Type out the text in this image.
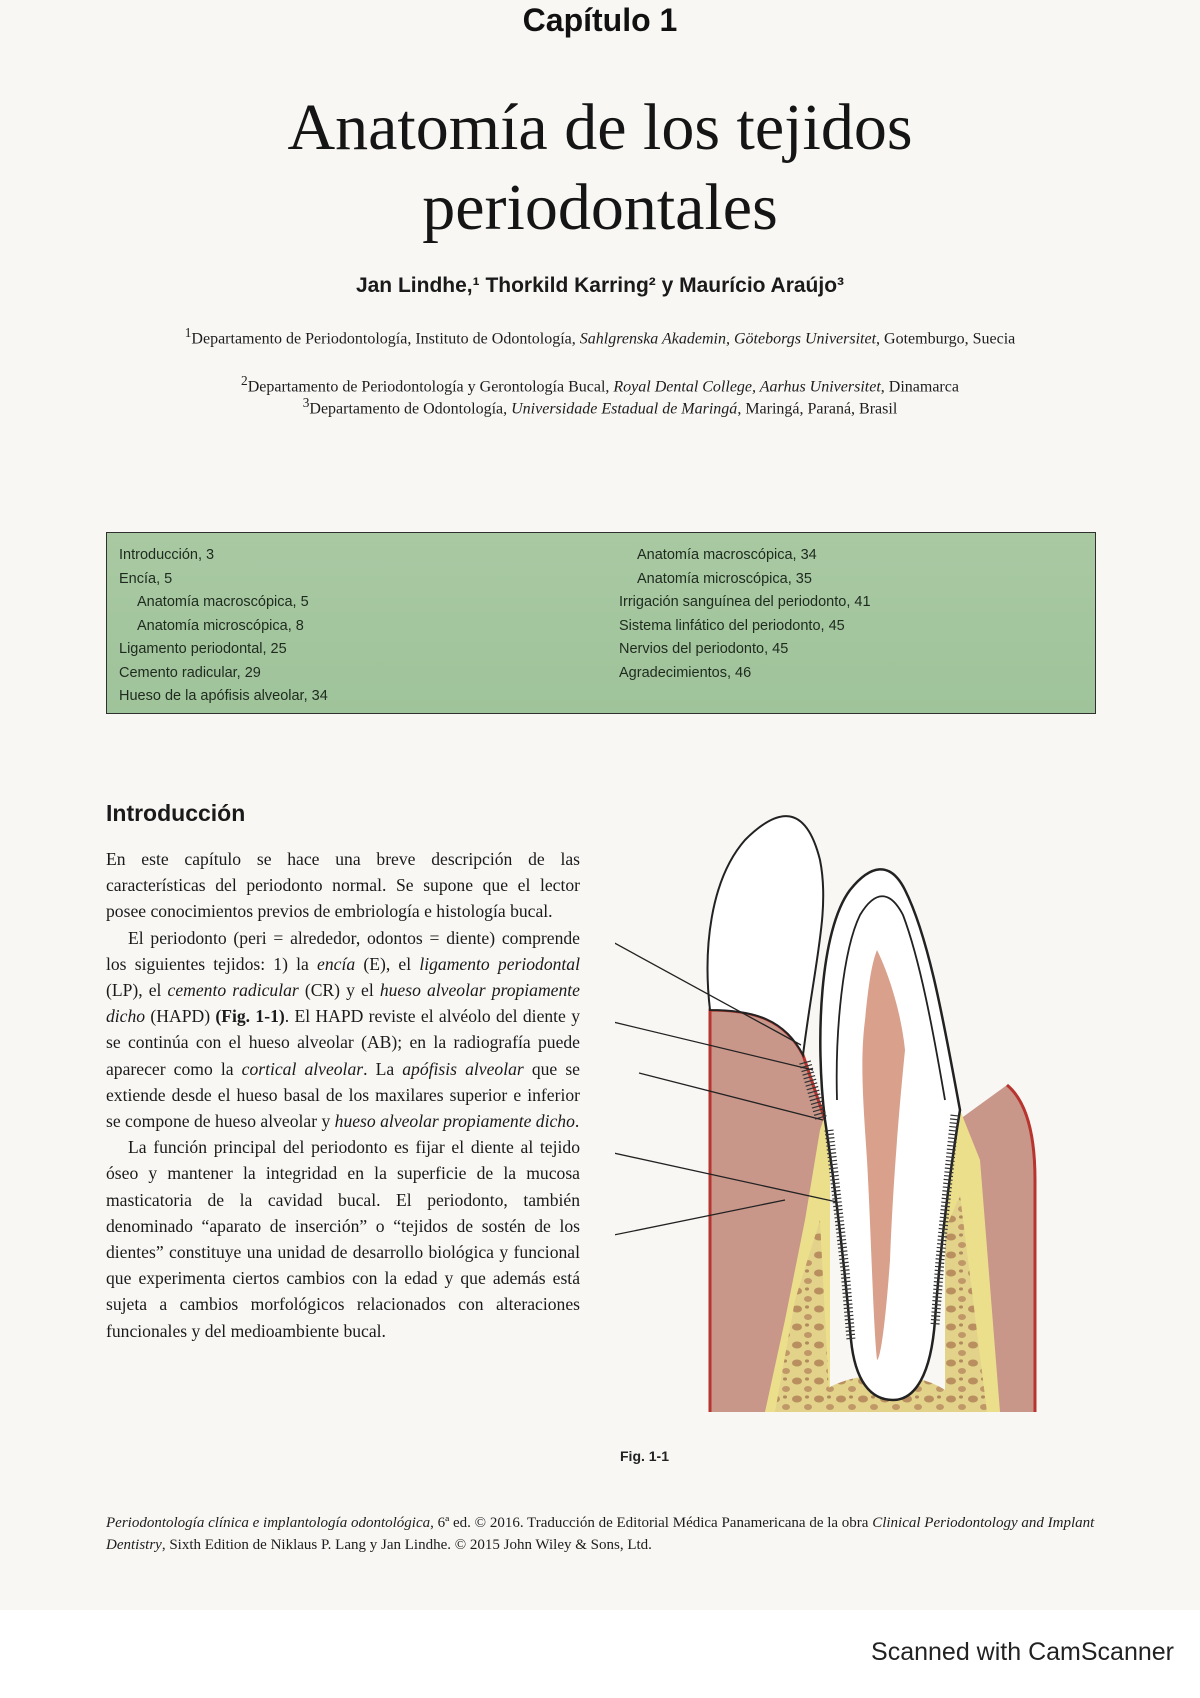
Capítulo 1
Anatomía de los tejidos
periodontales
Jan Lindhe,¹ Thorkild Karring² y Maurício Araújo³
$^1$Departamento de Periodontología, Instituto de Odontología, Sahlgrenska Akademin, Göteborgs Universitet, Gotemburgo, Suecia
$^2$Departamento de Periodontología y Gerontología Bucal, Royal Dental College, Aarhus Universitet, Dinamarca
$^3$Departamento de Odontología, Universidade Estadual de Maringá, Maringá, Paraná, Brasil
Introducción, 3
Encía, 5
Anatomía macroscópica, 5
Anatomía microscópica, 8
Ligamento periodontal, 25
Cemento radicular, 29
Hueso de la apófisis alveolar, 34
Anatomía macroscópica, 34
Anatomía microscópica, 35
Irrigación sanguínea del periodonto, 41
Sistema linfático del periodonto, 45
Nervios del periodonto, 45
Agradecimientos, 46
Introducción

En este capítulo se hace una breve descripción de las características del periodonto normal. Se supone que el lector posee conocimientos previos de embriología e histología bucal.

El periodonto (peri = alrededor, odontos = diente) comprende los siguientes tejidos: 1) la encía (E), el ligamento periodontal (LP), el cemento radicular (CR) y el hueso alveolar propiamente dicho (HAPD) (Fig. 1-1). El HAPD reviste el alvéolo del diente y se continúa con el hueso alveolar (AB); en la radiografía puede aparecer como la cortical alveolar. La apófisis alveolar que se extiende desde el hueso basal de los maxilares superior e inferior se compone de hueso alveolar y hueso alveolar propiamente dicho.

La función principal del periodonto es fijar el diente al tejido óseo y mantener la integridad en la superficie de la mucosa masticatoria de la cavidad bucal. El periodonto, también denominado “aparato de inserción” o “tejidos de sostén de los dientes” constituye una unidad de desarrollo biológica y funcional que experimenta ciertos cambios con la edad y que además está sujeta a cambios morfológicos relacionados con alteraciones funcionales y del medioambiente bucal.

Fig. 1-1
Periodontología clínica e implantología odontológica, 6ª ed. © 2016. Traducción de Editorial Médica Panamericana de la obra Clinical Periodontology and Implant Dentistry, Sixth Edition de Niklaus P. Lang y Jan Lindhe. © 2015 John Wiley & Sons, Ltd.
Scanned with CamScanner
